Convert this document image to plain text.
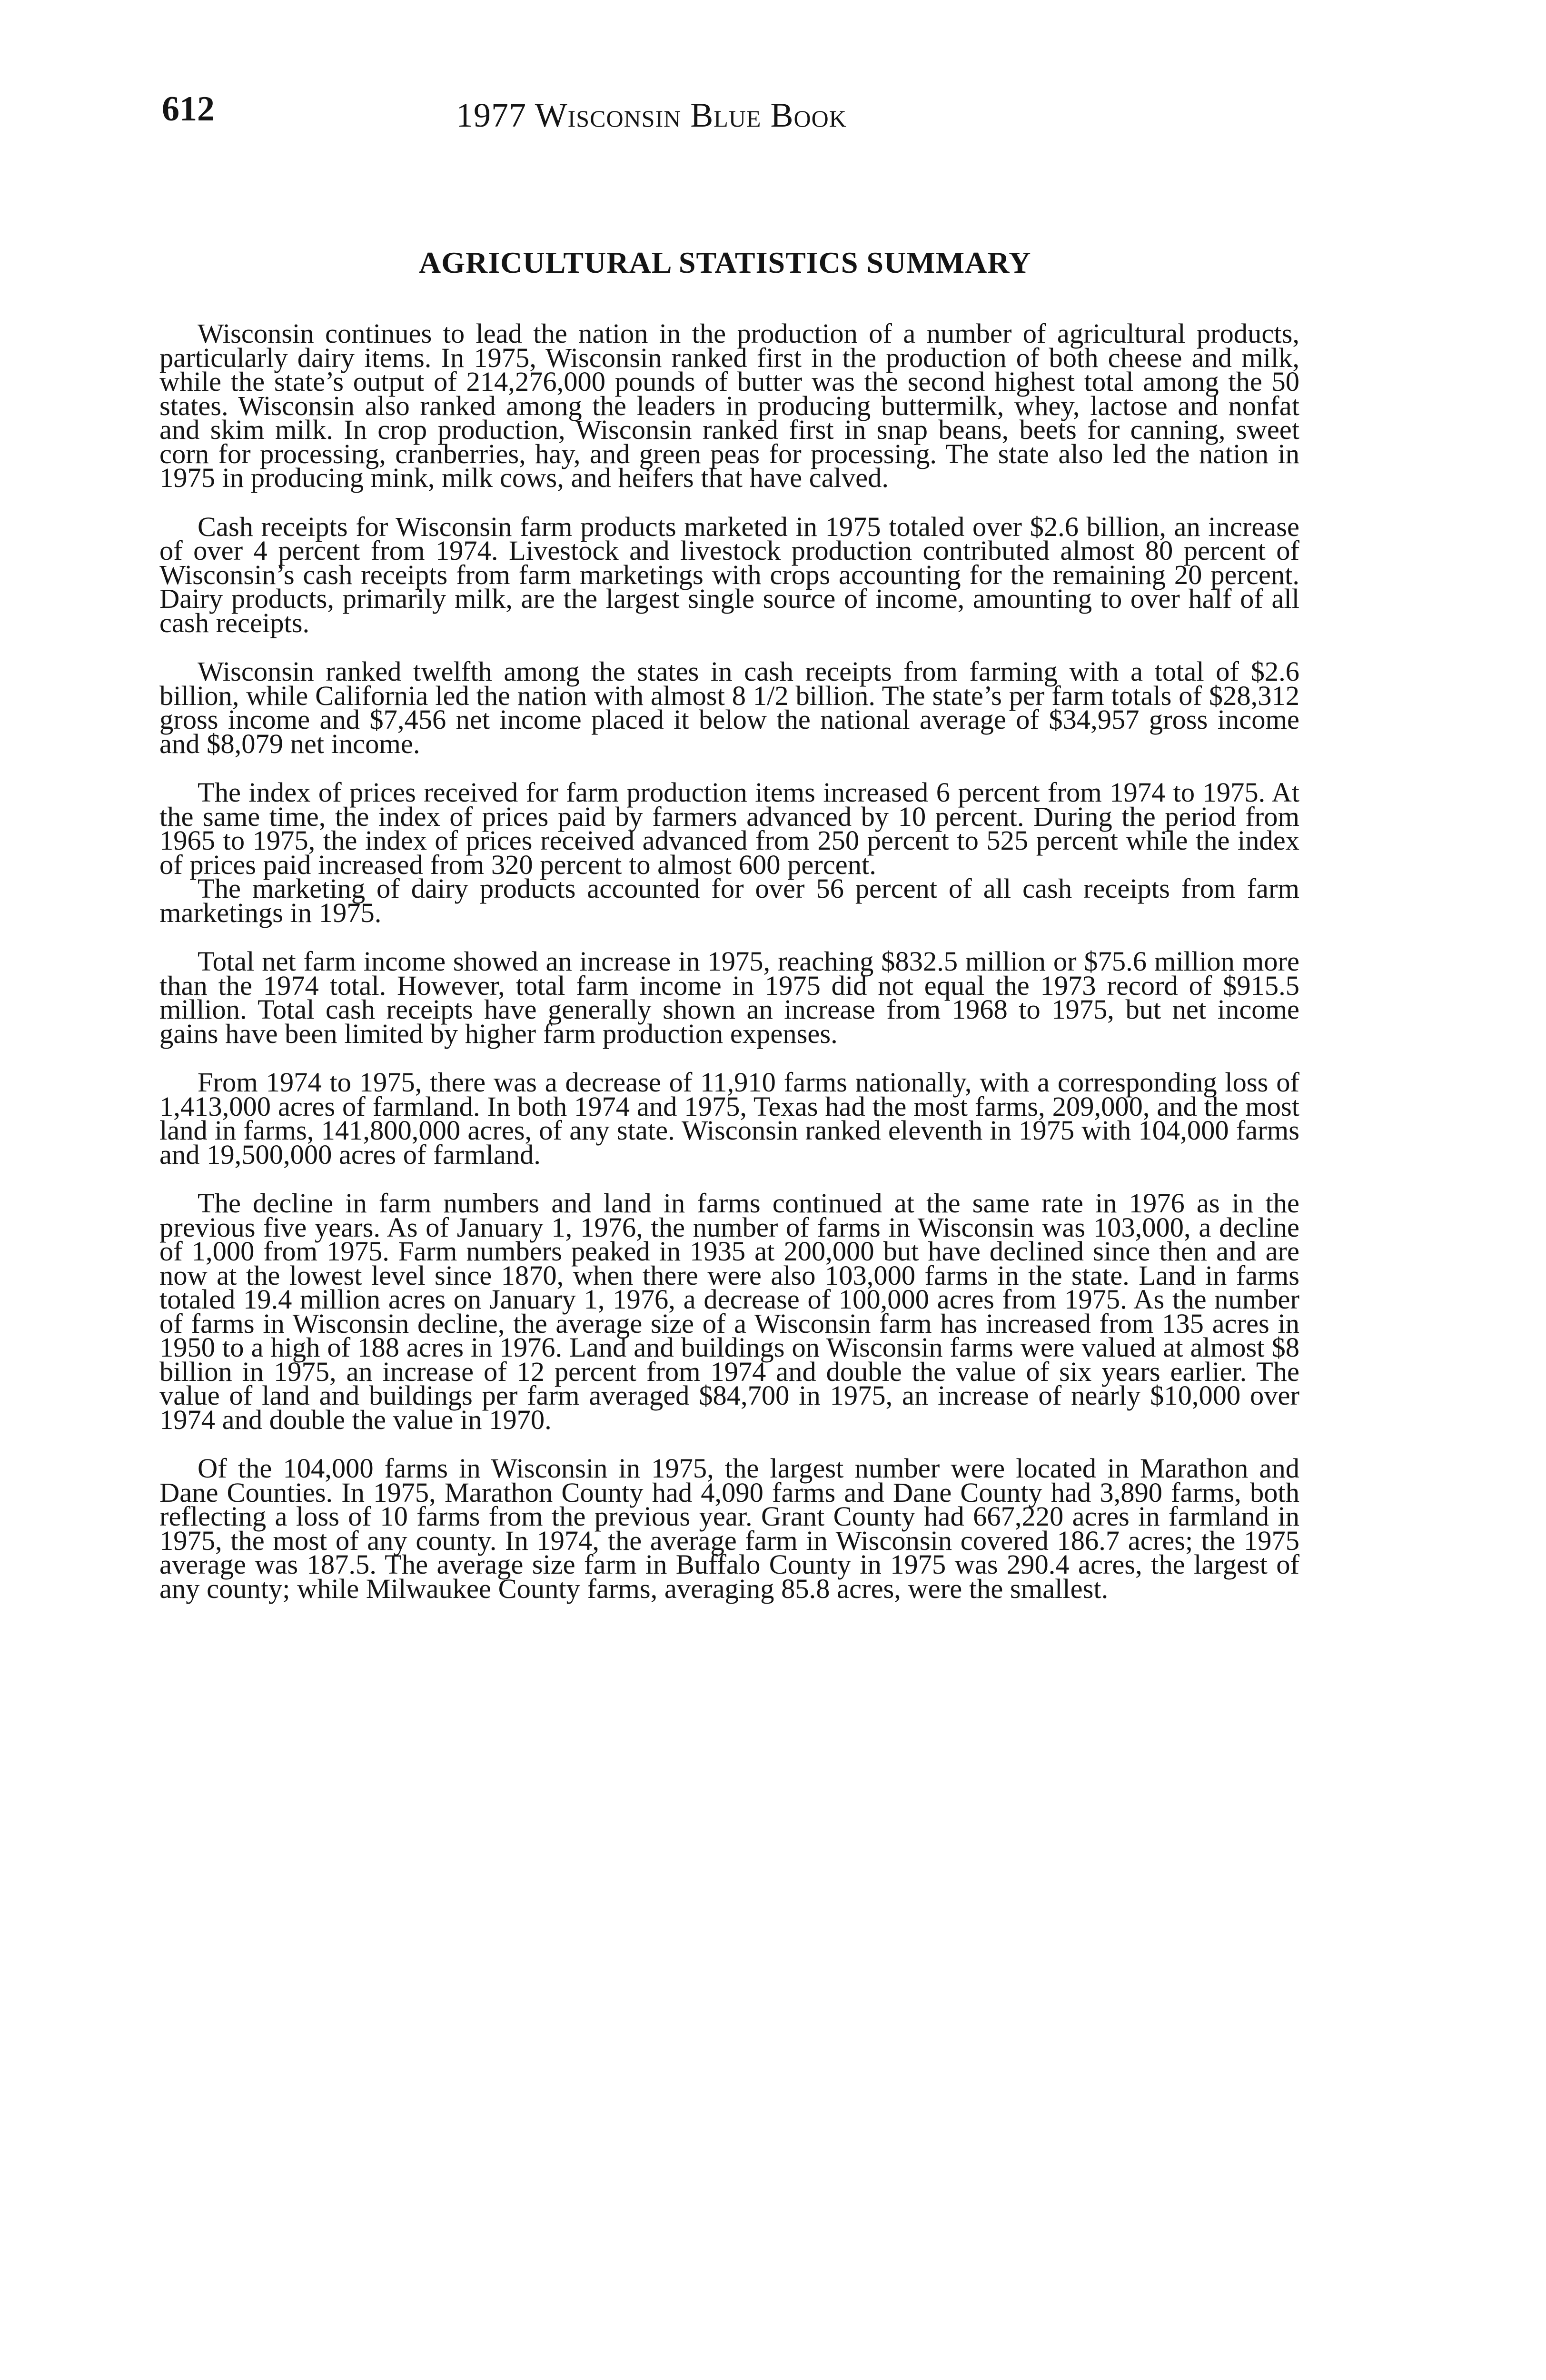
612	1977 Wisconsin Blue Book
AGRICULTURAL STATISTICS SUMMARY

Wisconsin continues to lead the nation in the production of a number of agricultural products, particularly dairy items. In 1975, Wisconsin ranked first in the production of both cheese and milk, while the state’s output of 214,276,000 pounds of butter was the second highest total among the 50 states. Wisconsin also ranked among the leaders in producing buttermilk, whey, lactose and nonfat and skim milk. In crop production, Wisconsin ranked first in snap beans, beets for canning, sweet corn for processing, cranberries, hay, and green peas for processing. The state also led the nation in 1975 in producing mink, milk cows, and heifers that have calved.

Cash receipts for Wisconsin farm products marketed in 1975 totaled over $2.6 billion, an increase of over 4 percent from 1974. Livestock and livestock production contributed almost 80 percent of Wisconsin’s cash receipts from farm marketings with crops accounting for the remaining 20 percent. Dairy products, primarily milk, are the largest single source of income, amounting to over half of all cash receipts.

Wisconsin ranked twelfth among the states in cash receipts from farming with a total of $2.6 billion, while California led the nation with almost 8 1/2 billion. The state’s per farm totals of $28,312 gross income and $7,456 net income placed it below the national average of $34,957 gross income and $8,079 net income.

The index of prices received for farm production items increased 6 percent from 1974 to 1975. At the same time, the index of prices paid by farmers advanced by 10 percent. During the period from 1965 to 1975, the index of prices received advanced from 250 percent to 525 percent while the index of prices paid increased from 320 percent to almost 600 percent.

The marketing of dairy products accounted for over 56 percent of all cash receipts from farm marketings in 1975.

Total net farm income showed an increase in 1975, reaching $832.5 million or $75.6 million more than the 1974 total. However, total farm income in 1975 did not equal the 1973 record of $915.5 million. Total cash receipts have generally shown an increase from 1968 to 1975, but net income gains have been limited by higher farm production expenses.

From 1974 to 1975, there was a decrease of 11,910 farms nationally, with a corresponding loss of 1,413,000 acres of farmland. In both 1974 and 1975, Texas had the most farms, 209,000, and the most land in farms, 141,800,000 acres, of any state. Wisconsin ranked eleventh in 1975 with 104,000 farms and 19,500,000 acres of farmland.

The decline in farm numbers and land in farms continued at the same rate in 1976 as in the previous five years. As of January 1, 1976, the number of farms in Wisconsin was 103,000, a decline of 1,000 from 1975. Farm numbers peaked in 1935 at 200,000 but have declined since then and are now at the lowest level since 1870, when there were also 103,000 farms in the state. Land in farms totaled 19.4 million acres on January 1, 1976, a decrease of 100,000 acres from 1975. As the number of farms in Wisconsin decline, the average size of a Wisconsin farm has increased from 135 acres in 1950 to a high of 188 acres in 1976. Land and buildings on Wisconsin farms were valued at almost $8 billion in 1975, an increase of 12 percent from 1974 and double the value of six years earlier. The value of land and buildings per farm averaged $84,700 in 1975, an increase of nearly $10,000 over 1974 and double the value in 1970.

Of the 104,000 farms in Wisconsin in 1975, the largest number were located in Marathon and Dane Counties. In 1975, Marathon County had 4,090 farms and Dane County had 3,890 farms, both reflecting a loss of 10 farms from the previous year. Grant County had 667,220 acres in farmland in 1975, the most of any county. In 1974, the average farm in Wisconsin covered 186.7 acres; the 1975 average was 187.5. The average size farm in Buffalo County in 1975 was 290.4 acres, the largest of any county; while Milwaukee County farms, averaging 85.8 acres, were the smallest.
